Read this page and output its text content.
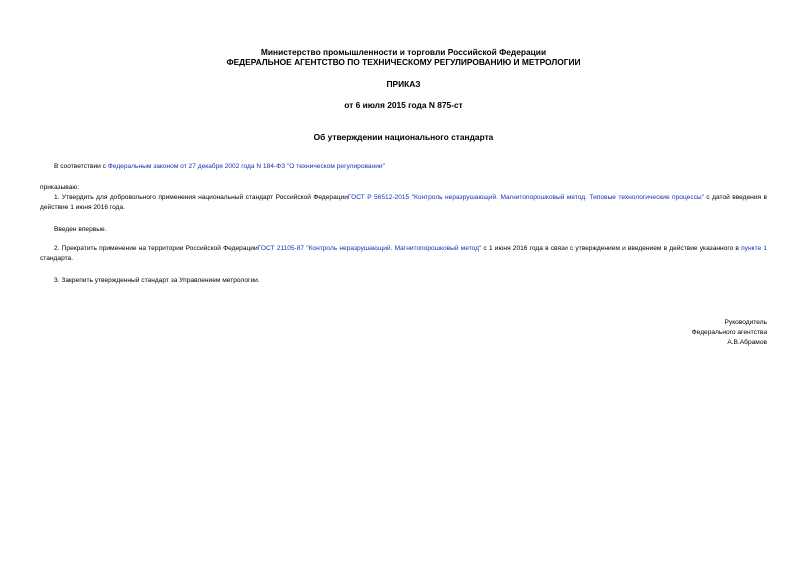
Министерство промышленности и торговли Российской Федерации
ФЕДЕРАЛЬНОЕ АГЕНТСТВО ПО ТЕХНИЧЕСКОМУ РЕГУЛИРОВАНИЮ И МЕТРОЛОГИИ
ПРИКАЗ
от 6 июля 2015 года N 875-ст
Об утверждении национального стандарта
В соответствии с Федеральным законом от 27 декабря 2002 года N 184-ФЗ "О техническом регулировании"
приказываю:
1. Утвердить для добровольного применения национальный стандарт Российской ФедерацииГОСТ Р 56512-2015 "Контроль неразрушающий. Магнитопорошковый метод. Типовые технологические процессы" с датой введения в действие 1 июня 2016 года.
Введен впервые.
2. Прекратить применение на территории Российской ФедерацииГОСТ 21105-87 "Контроль неразрушающий. Магнитопорошковый метод" с 1 июня 2016 года в связи с утверждением и введением в действие указанного в пункте 1 стандарта.
3. Закрепить утвержденный стандарт за Управлением метрологии.
Руководитель
Федерального агентства
А.В.Абрамов
